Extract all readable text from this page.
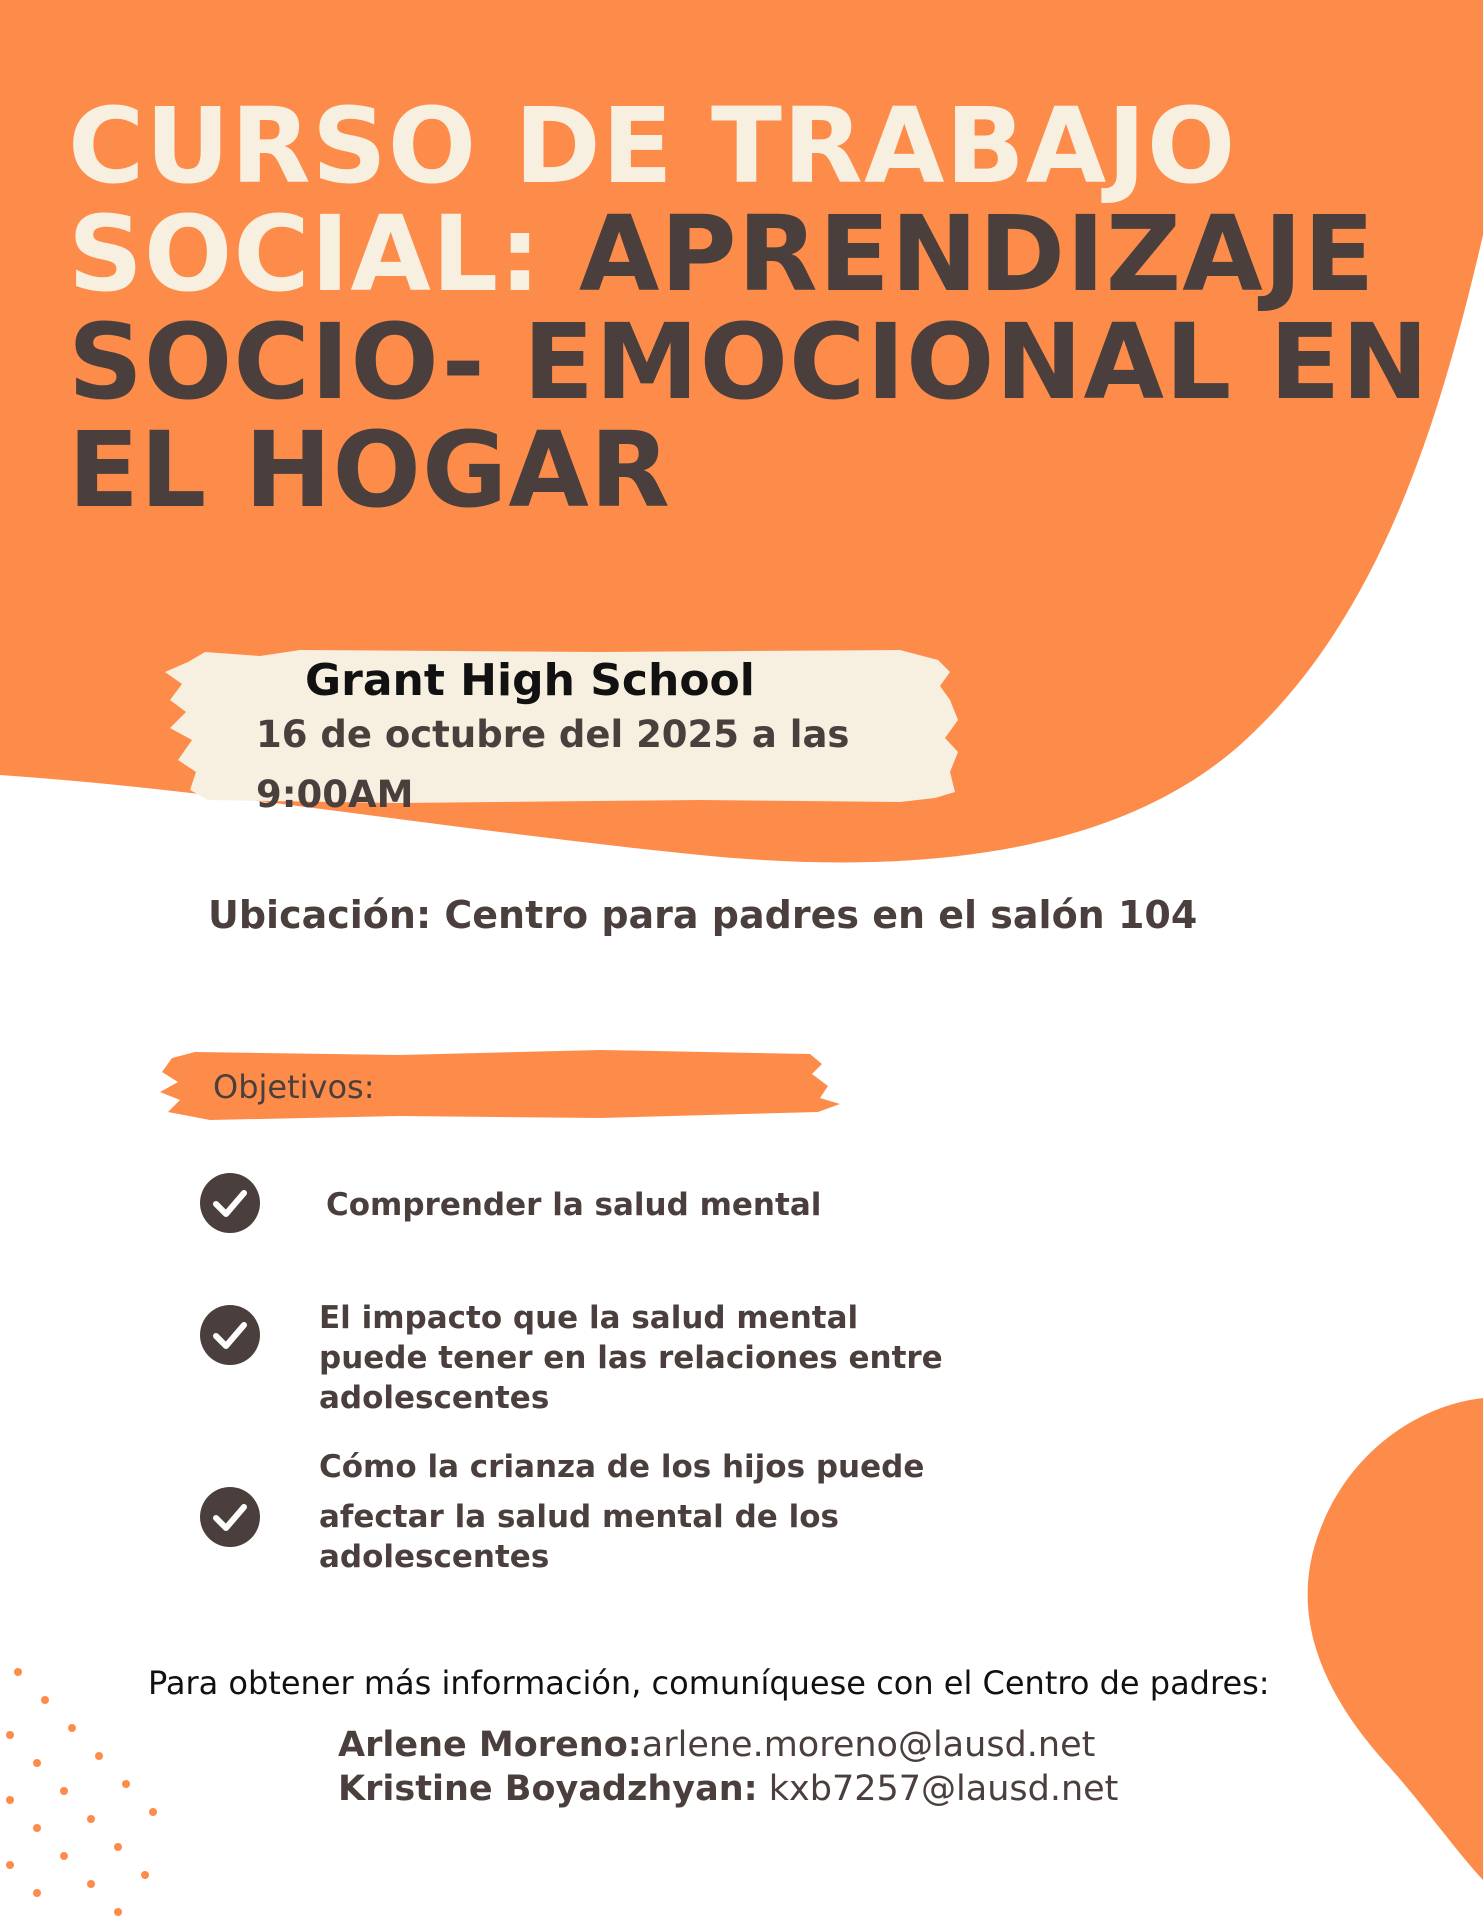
CURSO DE TRABAJO
SOCIAL: APRENDIZAJE
SOCIO- EMOCIONAL EN
EL HOGAR
Grant High School
16 de octubre del 2025 a las 9:00AM
Ubicación: Centro para padres en el salón 104
Objetivos:
Comprender la salud mental
El impacto que la salud mental
puede tener en las relaciones entre
adolescentes
Cómo la crianza de los hijos puede
afectar la salud mental de los
adolescentes
Para obtener más información, comuníquese con el Centro de padres:
Arlene Moreno:arlene.moreno@lausd.net
Kristine Boyadzhyan: kxb7257@lausd.net
